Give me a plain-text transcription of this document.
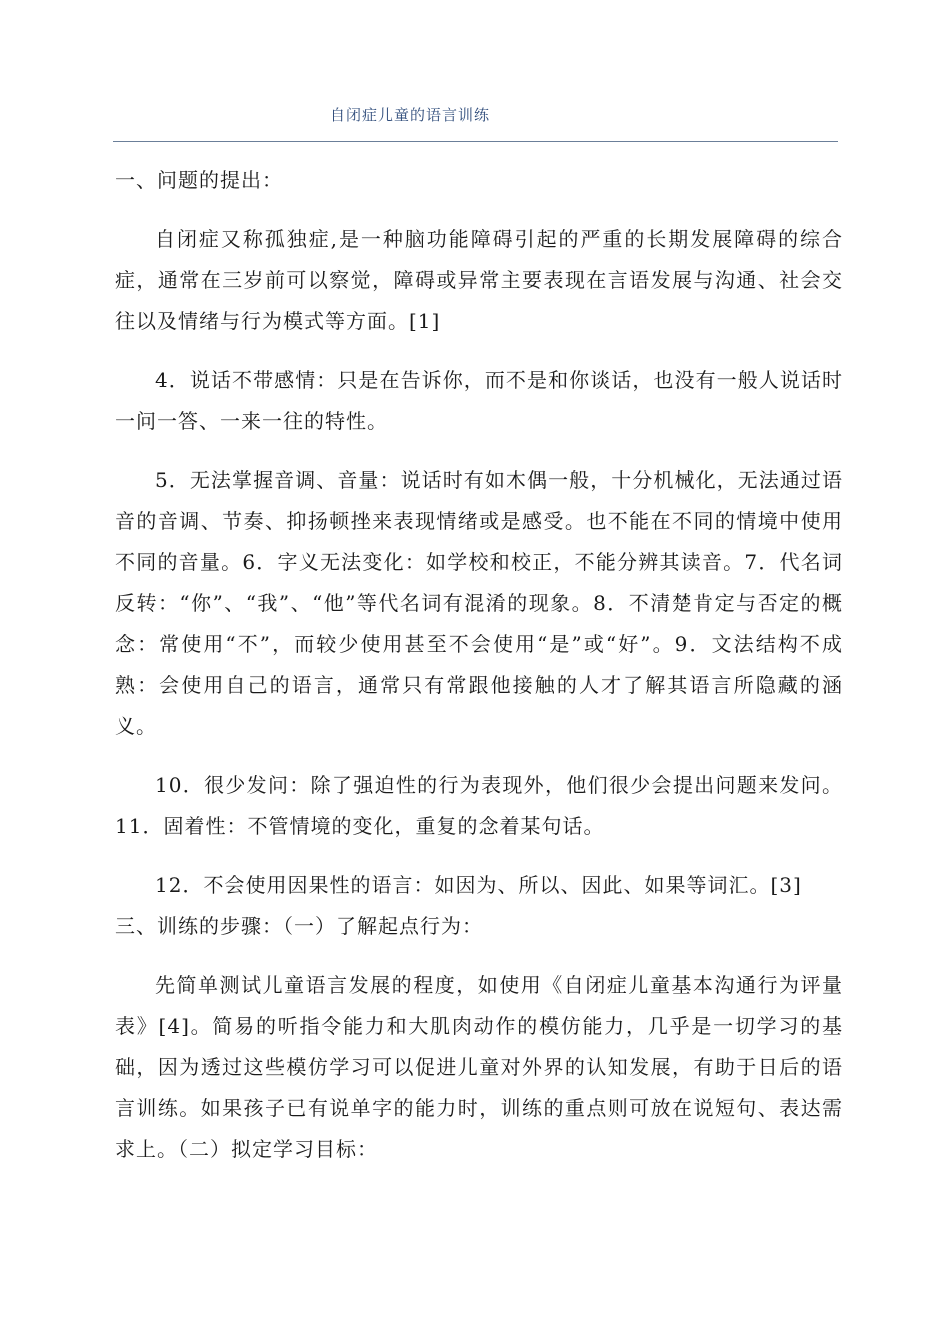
自闭症儿童的语言训练

一、问题的提出：

自闭症又称孤独症,是一种脑功能障碍引起的严重的长期发展障碍的综合症，通常在三岁前可以察觉，障碍或异常主要表现在言语发展与沟通、社会交往以及情绪与行为模式等方面。[1]

4．说话不带感情：只是在告诉你，而不是和你谈话，也没有一般人说话时一问一答、一来一往的特性。

5．无法掌握音调、音量：说话时有如木偶一般，十分机械化，无法通过语音的音调、节奏、抑扬顿挫来表现情绪或是感受。也不能在不同的情境中使用不同的音量。6．字义无法变化：如学校和校正，不能分辨其读音。7．代名词反转：“你”、“我”、“他”等代名词有混淆的现象。8．不清楚肯定与否定的概念：常使用“不”，而较少使用甚至不会使用“是”或“好”。9．文法结构不成熟：会使用自己的语言，通常只有常跟他接触的人才了解其语言所隐藏的涵义。

10．很少发问：除了强迫性的行为表现外，他们很少会提出问题来发问。11．固着性：不管情境的变化，重复的念着某句话。

12．不会使用因果性的语言：如因为、所以、因此、如果等词汇。[3]

三、训练的步骤：（一）了解起点行为：

先简单测试儿童语言发展的程度，如使用《自闭症儿童基本沟通行为评量表》[4]。简易的听指令能力和大肌肉动作的模仿能力，几乎是一切学习的基础，因为透过这些模仿学习可以促进儿童对外界的认知发展，有助于日后的语言训练。如果孩子已有说单字的能力时，训练的重点则可放在说短句、表达需求上。（二）拟定学习目标：
